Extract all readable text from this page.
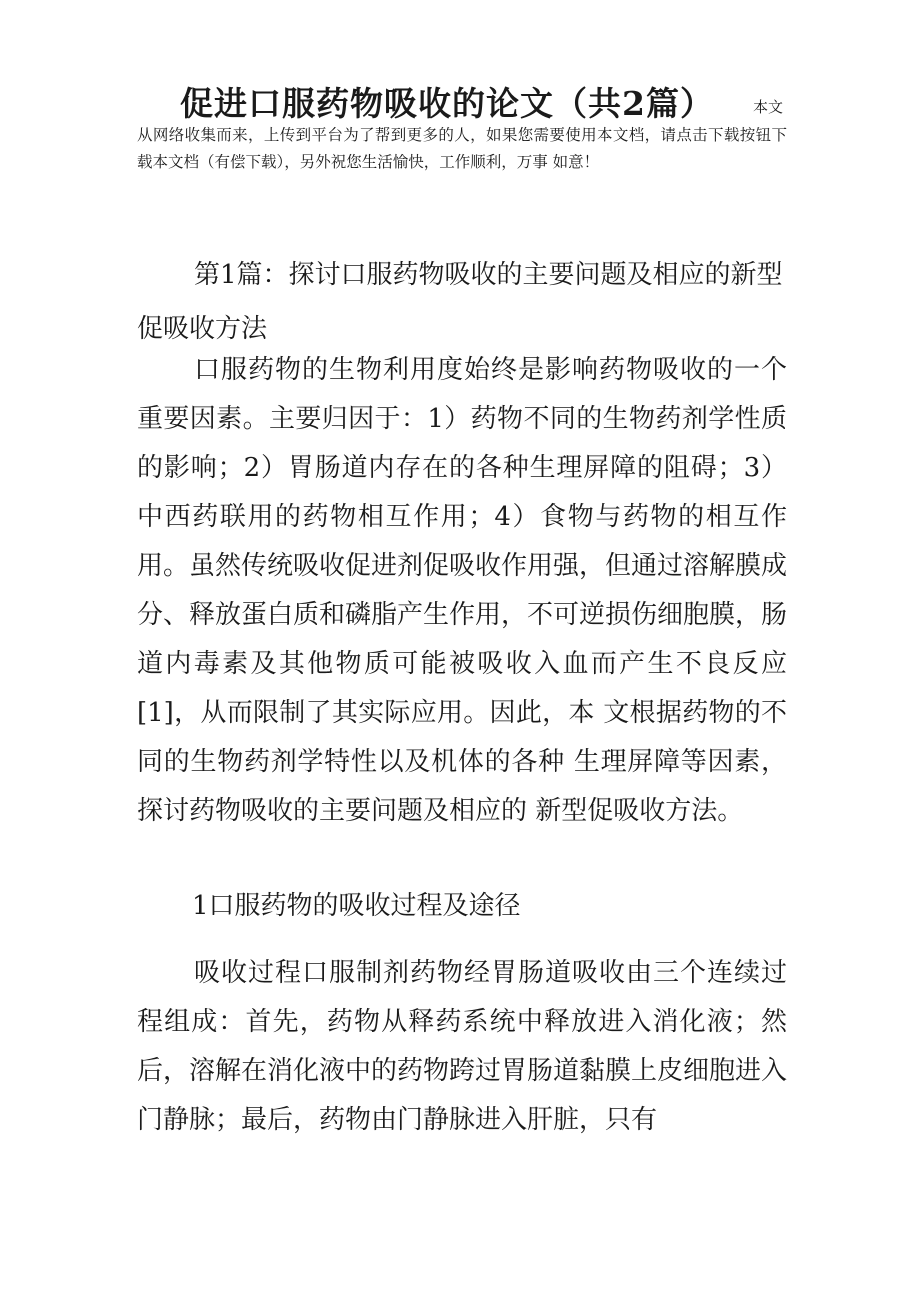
促进口服药物吸收的论文（共2篇）	本文
从网络收集而来，上传到平台为了帮到更多的人，如果您需要使用本文档，请点击下载按钮下载本文档（有偿下载），另外祝您生活愉快，工作顺利，万事 如意！
第1篇：探讨口服药物吸收的主要问题及相应的新型促吸收方法
口服药物的生物利用度始终是影响药物吸收的一个重要因素。主要归因于：1）药物不同的生物药剂学性质的影响；2）胃肠道内存在的各种生理屏障的阻碍；3）中西药联用的药物相互作用；4）食物与药物的相互作用。虽然传统吸收促进剂促吸收作用强，但通过溶解膜成分、释放蛋白质和磷脂产生作用，不可逆损伤细胞膜，肠道内毒素及其他物质可能被吸收入血而产生不良反应[1]，从而限制了其实际应用。因此，本 文根据药物的不同的生物药剂学特性以及机体的各种 生理屏障等因素，探讨药物吸收的主要问题及相应的 新型促吸收方法。
1口服药物的吸收过程及途径
吸收过程口服制剂药物经胃肠道吸收由三个连续过程组成：首先，药物从释药系统中释放进入消化液；然后，溶解在消化液中的药物跨过胃肠道黏膜上皮细胞进入门静脉；最后，药物由门静脉进入肝脏，只有
